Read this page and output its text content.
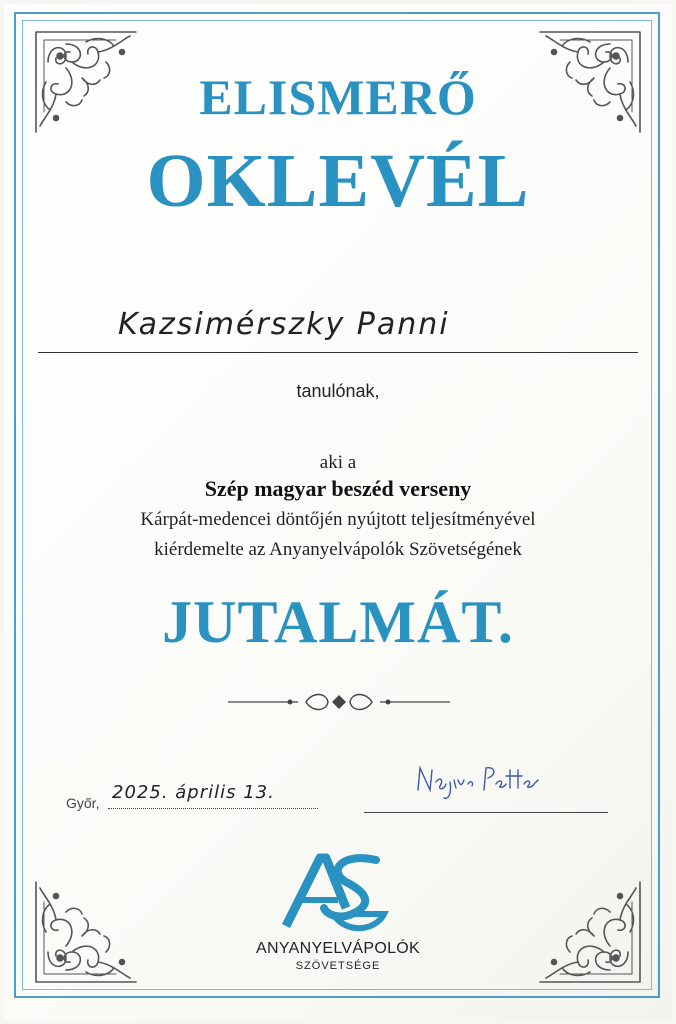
ELISMERŐ
OKLEVÉL
Kazsimérszky Panni
tanulónak,
aki a
Szép magyar beszéd verseny
Kárpát-medencei döntőjén nyújtott teljesítményével
kiérdemelte az Anyanyelvápolók Szövetségének
JUTALMÁT.
Győr, 2025. április 13.
ANYANYELVÁPOLÓK
SZÖVETSÉGE
